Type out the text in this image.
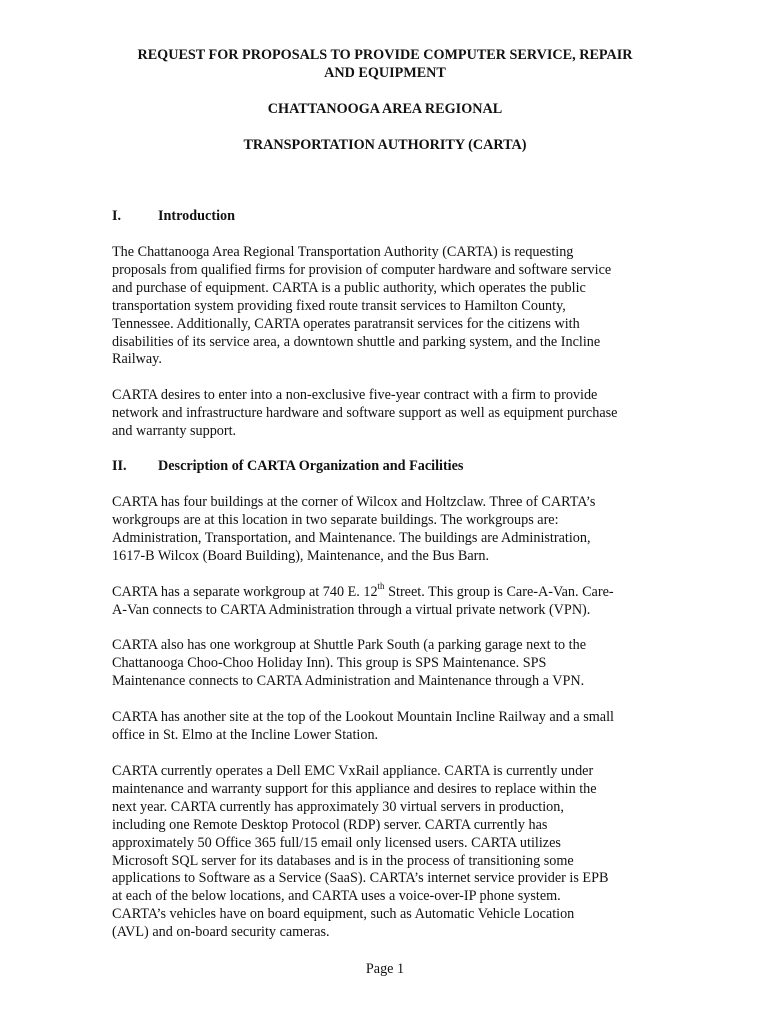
REQUEST FOR PROPOSALS TO PROVIDE COMPUTER SERVICE, REPAIR

AND EQUIPMENT

CHATTANOOGA AREA REGIONAL

TRANSPORTATION AUTHORITY (CARTA)

I.	Introduction

The Chattanooga Area Regional Transportation Authority (CARTA) is requesting
proposals from qualified firms for provision of computer hardware and software service
and purchase of equipment. CARTA is a public authority, which operates the public
transportation system providing fixed route transit services to Hamilton County,
Tennessee. Additionally, CARTA operates paratransit services for the citizens with
disabilities of its service area, a downtown shuttle and parking system, and the Incline
Railway.

CARTA desires to enter into a non-exclusive five-year contract with a firm to provide
network and infrastructure hardware and software support as well as equipment purchase
and warranty support.

II. Description of CARTA Organization and Facilities

CARTA has four buildings at the corner of Wilcox and Holtzclaw. Three of CARTA’s
workgroups are at this location in two separate buildings. The workgroups are:
Administration, Transportation, and Maintenance. The buildings are Administration,
1617-B Wilcox (Board Building), Maintenance, and the Bus Barn.

CARTA has a separate workgroup at 740 E. 12th Street. This group is Care-A-Van. Care-
A-Van connects to CARTA Administration through a virtual private network (VPN).

CARTA also has one workgroup at Shuttle Park South (a parking garage next to the
Chattanooga Choo-Choo Holiday Inn). This group is SPS Maintenance. SPS
Maintenance connects to CARTA Administration and Maintenance through a VPN.

CARTA has another site at the top of the Lookout Mountain Incline Railway and a small
office in St. Elmo at the Incline Lower Station.

CARTA currently operates a Dell EMC VxRail appliance. CARTA is currently under
maintenance and warranty support for this appliance and desires to replace within the
next year. CARTA currently has approximately 30 virtual servers in production,
including one Remote Desktop Protocol (RDP) server. CARTA currently has
approximately 50 Office 365 full/15 email only licensed users. CARTA utilizes
Microsoft SQL server for its databases and is in the process of transitioning some
applications to Software as a Service (SaaS). CARTA’s internet service provider is EPB
at each of the below locations, and CARTA uses a voice-over-IP phone system.
CARTA’s vehicles have on board equipment, such as Automatic Vehicle Location
(AVL) and on-board security cameras.

Page 1
